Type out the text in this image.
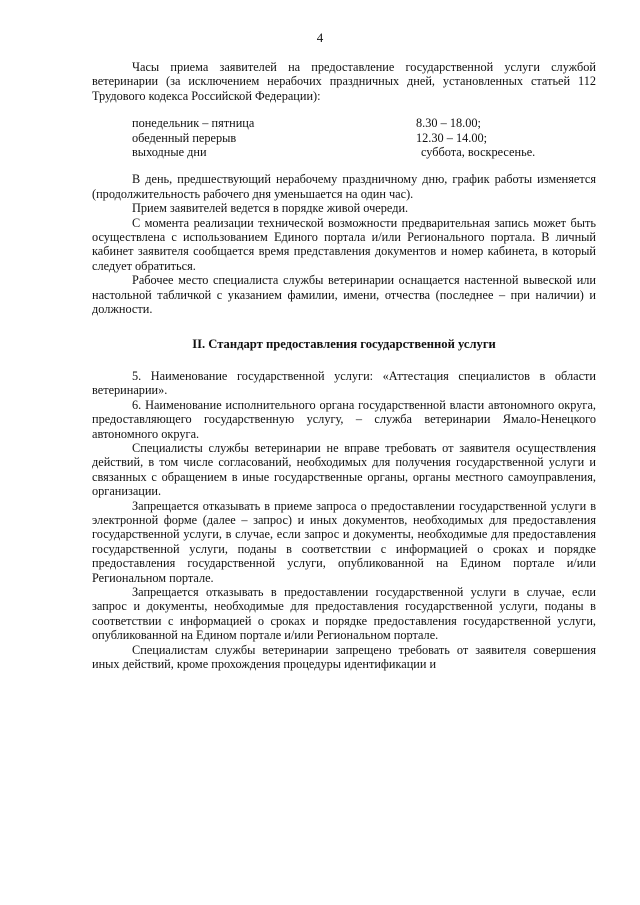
4

Часы приема заявителей на предоставление государственной услуги службой ветеринарии (за исключением нерабочих праздничных дней, установленных статьей 112 Трудового кодекса Российской Федерации):

понедельник – пятница	8.30 – 18.00;
обеденный перерыв	12.30 – 14.00;
выходные дни	суббота, воскресенье.

В день, предшествующий нерабочему праздничному дню, график работы изменяется (продолжительность рабочего дня уменьшается на один час).

Прием заявителей ведется в порядке живой очереди.

С момента реализации технической возможности предварительная запись может быть осуществлена с использованием Единого портала и/или Регионального портала. В личный кабинет заявителя сообщается время представления документов и номер кабинета, в который следует обратиться.

Рабочее место специалиста службы ветеринарии оснащается настенной вывеской или настольной табличкой с указанием фамилии, имени, отчества (последнее – при наличии) и должности.

II. Стандарт предоставления государственной услуги

5. Наименование государственной услуги: «Аттестация специалистов в области ветеринарии».

6. Наименование исполнительного органа государственной власти автономного округа, предоставляющего государственную услугу, – служба ветеринарии Ямало-Ненецкого автономного округа.

Специалисты службы ветеринарии не вправе требовать от заявителя осуществления действий, в том числе согласований, необходимых для получения государственной услуги и связанных с обращением в иные государственные органы, органы местного самоуправления, организации.

Запрещается отказывать в приеме запроса о предоставлении государственной услуги в электронной форме (далее – запрос) и иных документов, необходимых для предоставления государственной услуги, в случае, если запрос и документы, необходимые для предоставления государственной услуги, поданы в соответствии с информацией о сроках и порядке предоставления государственной услуги, опубликованной на Едином портале и/или Региональном портале.

Запрещается отказывать в предоставлении государственной услуги в случае, если запрос и документы, необходимые для предоставления государственной услуги, поданы в соответствии с информацией о сроках и порядке предоставления государственной услуги, опубликованной на Едином портале и/или Региональном портале.

Специалистам службы ветеринарии запрещено требовать от заявителя совершения иных действий, кроме прохождения процедуры идентификации и
